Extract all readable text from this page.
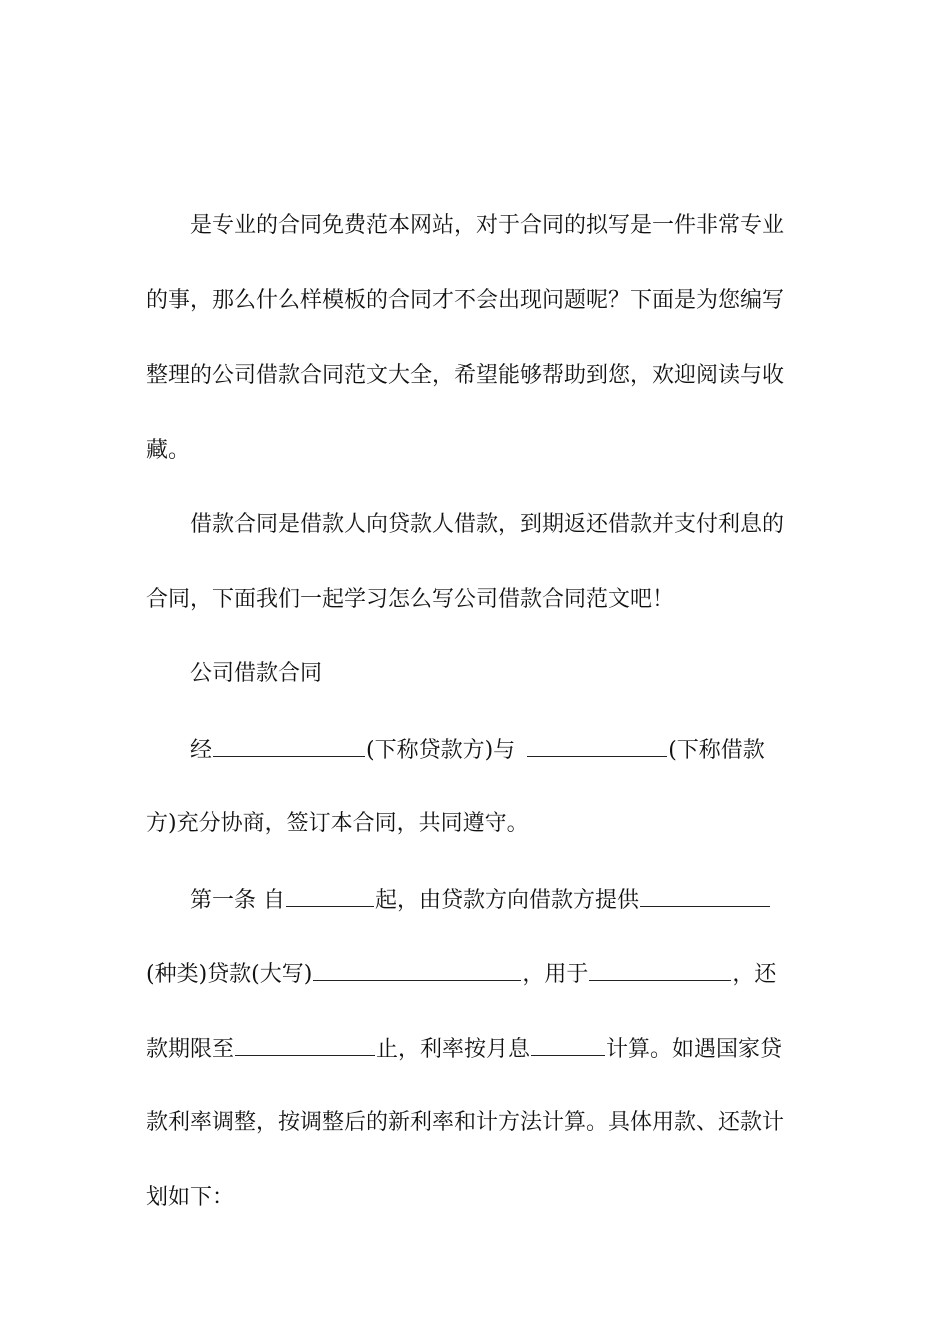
是专业的合同免费范本网站，对于合同的拟写是一件非常专业
的事，那么什么样模板的合同才不会出现问题呢？下面是为您编写
整理的公司借款合同范文大全，希望能够帮助到您，欢迎阅读与收
藏。
借款合同是借款人向贷款人借款，到期返还借款并支付利息的
合同，下面我们一起学习怎么写公司借款合同范文吧！
公司借款合同
经	(下称贷款方)与	(下称借款
方)充分协商，签订本合同，共同遵守。
第一条 自	起，由贷款方向借款方提供
(种类)贷款(大写)	，用于	，还
款期限至	止，利率按月息	计算。如遇国家贷
款利率调整，按调整后的新利率和计方法计算。具体用款、还款计
划如下：
